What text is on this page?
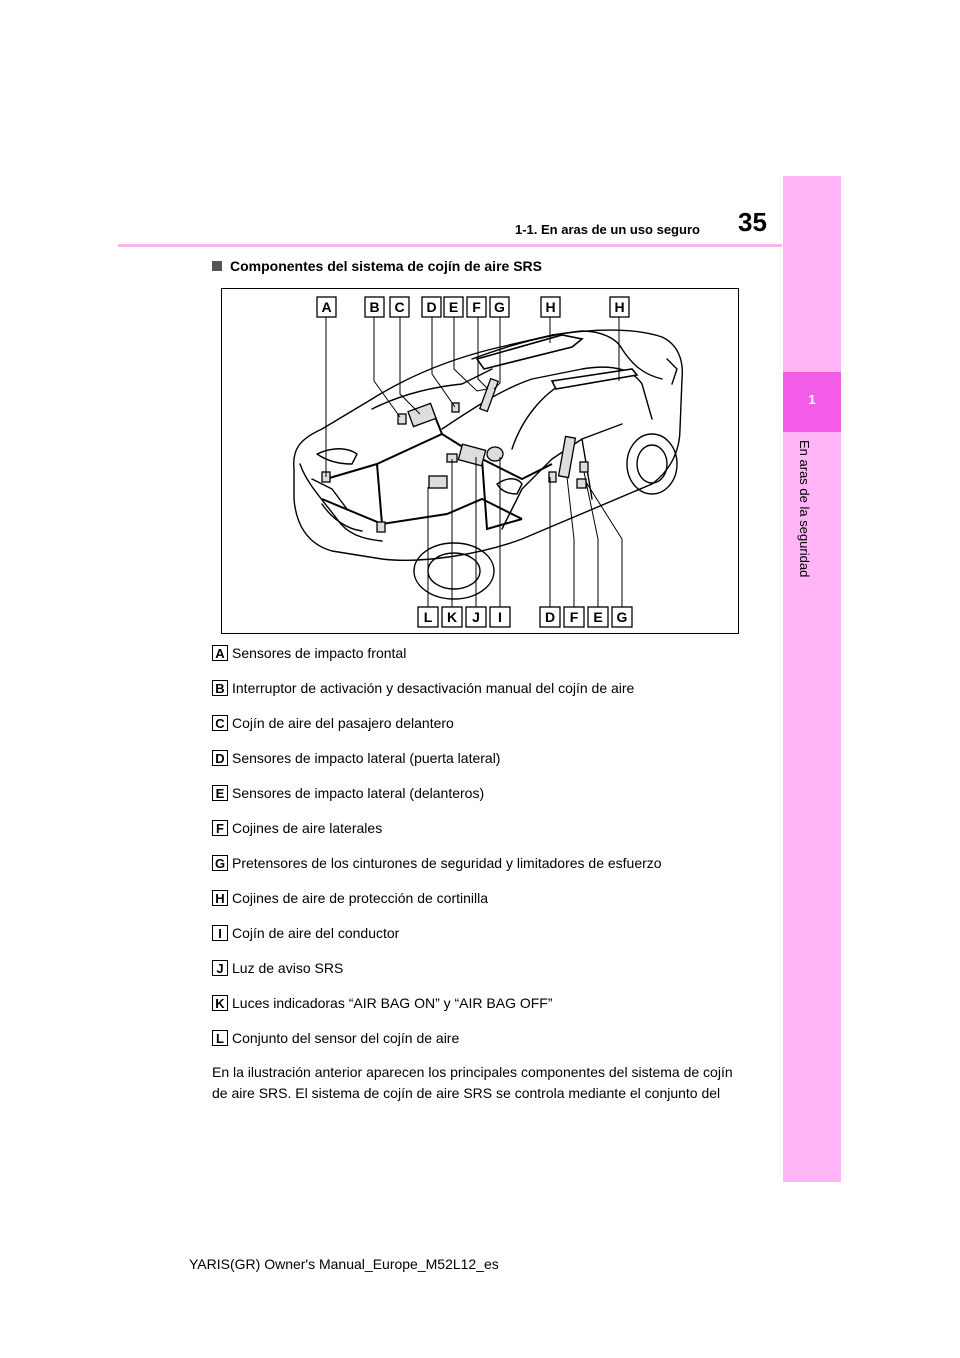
1
En aras de la seguridad
1-1. En aras de un uso seguro 35
Componentes del sistema de cojín de aire SRS
A	B C D E F G	H	H
L K J I	D F E G
A Sensores de impacto frontal
B Interruptor de activación y desactivación manual del cojín de aire
C Cojín de aire del pasajero delantero
D Sensores de impacto lateral (puerta lateral)
E Sensores de impacto lateral (delanteros)
F Cojines de aire laterales
G Pretensores de los cinturones de seguridad y limitadores de esfuerzo
H Cojines de aire de protección de cortinilla
I Cojín de aire del conductor
J Luz de aviso SRS
K Luces indicadoras “AIR BAG ON” y “AIR BAG OFF”
L Conjunto del sensor del cojín de aire
En la ilustración anterior aparecen los principales componentes del sistema de cojín de aire SRS. El sistema de cojín de aire SRS se controla mediante el conjunto del
YARIS(GR) Owner's Manual_Europe_M52L12_es
